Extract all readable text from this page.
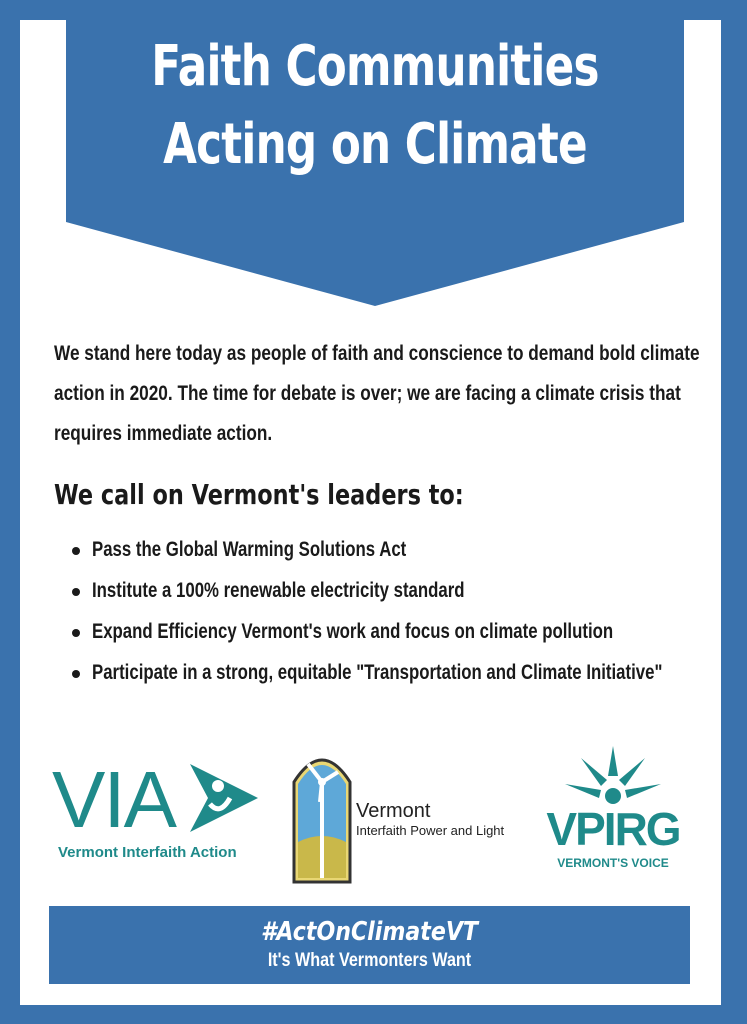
Faith Communities
Acting on Climate
We stand here today as people of faith and conscience to demand bold climate
action in 2020. The time for debate is over; we are facing a climate crisis that
requires immediate action.
We call on Vermont's leaders to:
Pass the Global Warming Solutions Act
Institute a 100% renewable electricity standard
Expand Efficiency Vermont's work and focus on climate pollution
Participate in a strong, equitable "Transportation and Climate Initiative"
VIA
Vermont Interfaith Action
Vermont
Interfaith Power and Light VPIRG
VERMONT'S VOICE
#ActOnClimateVT
It's What Vermonters Want
